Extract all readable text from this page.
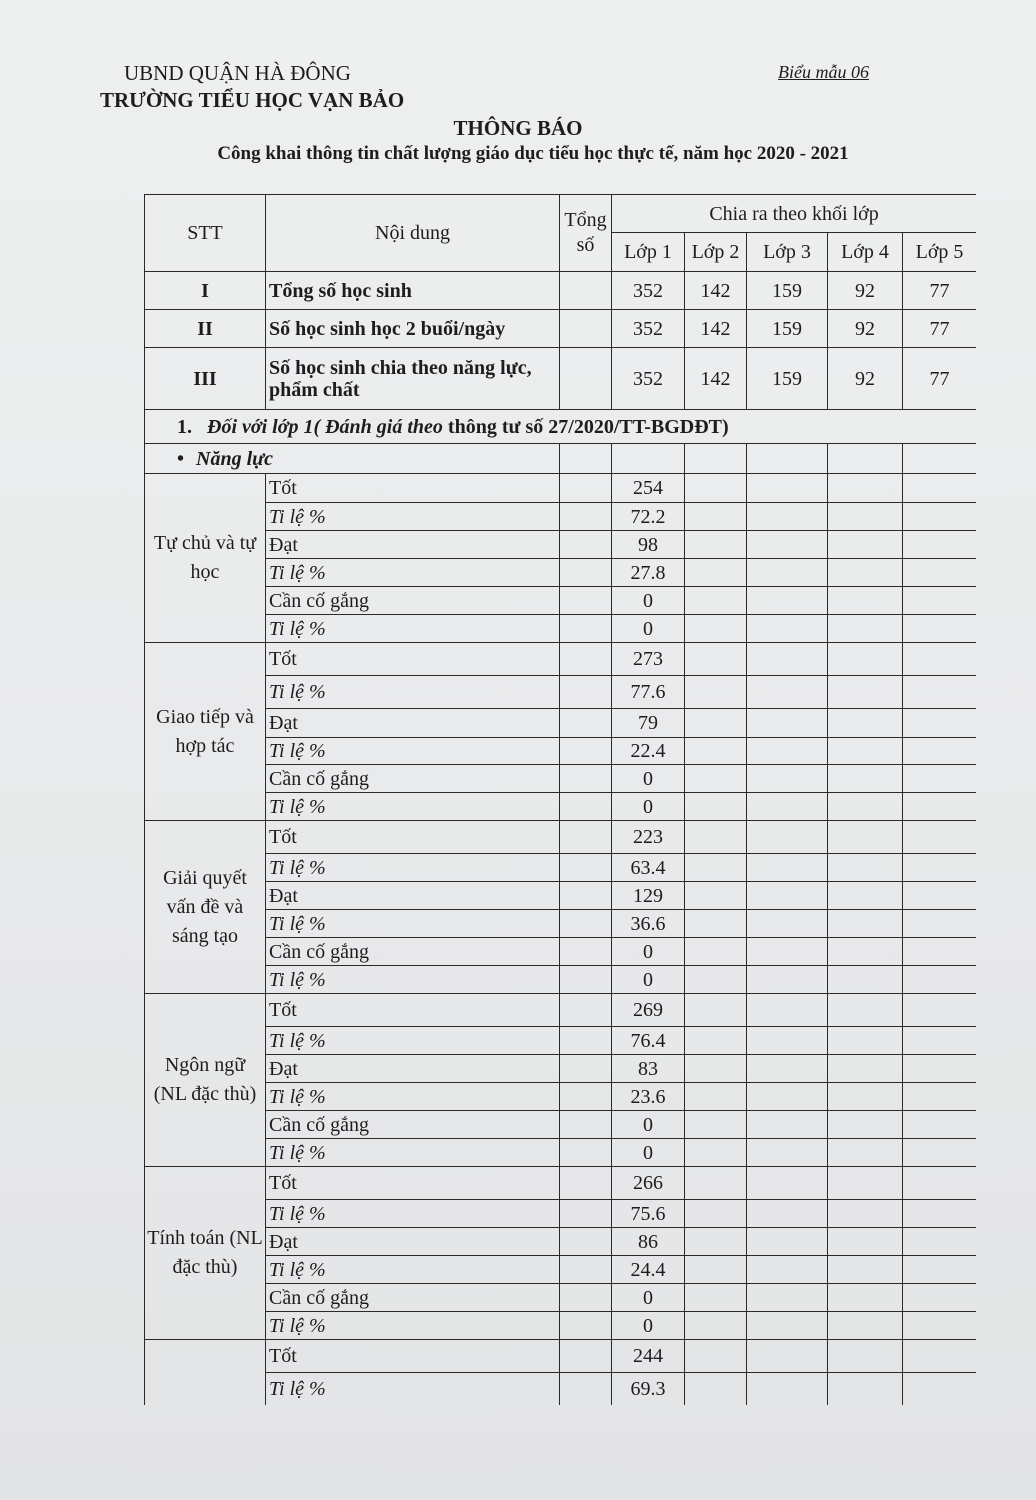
UBND QUẬN HÀ ĐÔNG
TRƯỜNG TIỂU HỌC VẠN BẢO
Biểu mẫu 06
THÔNG BÁO
Công khai thông tin chất lượng giáo dục tiểu học thực tế, năm học 2020 - 2021
STT	Nội dung	Tổng số	Chia ra theo khối lớp				
			Lớp 1	Lớp 2	Lớp 3	Lớp 4	Lớp 5
I	Tổng số học sinh		352	142	159	92	77
II	Số học sinh học 2 buổi/ngày		352	142	159	92	77
III	Số học sinh chia theo năng lực, phẩm chất		352	142	159	92	77
1. Đối với lớp 1( Đánh giá theo thông tư số 27/2020/TT-BGDĐT)							
• Năng lực						
Tự chủ và tự học	Tốt		254				
	Ti lệ %		72.2				
	Đạt		98				
	Ti lệ %		27.8				
	Cần cố gắng		0				
	Ti lệ %		0				
Giao tiếp và hợp tác	Tốt		273				
	Ti lệ %		77.6				
	Đạt		79				
	Ti lệ %		22.4				
	Cần cố gắng		0				
	Ti lệ %		0				
Giải quyết vấn đề và sáng tạo	Tốt		223				
	Ti lệ %		63.4				
	Đạt		129				
	Ti lệ %		36.6				
	Cần cố gắng		0				
	Ti lệ %		0				
Ngôn ngữ (NL đặc thù)	Tốt		269				
	Ti lệ %		76.4				
	Đạt		83				
	Ti lệ %		23.6				
	Cần cố gắng		0				
	Ti lệ %		0				
Tính toán (NL đặc thù)	Tốt		266				
	Ti lệ %		75.6				
	Đạt		86				
	Ti lệ %		24.4				
	Cần cố gắng		0				
	Ti lệ %		0				
	Tốt		244				
	Ti lệ %		69.3				
